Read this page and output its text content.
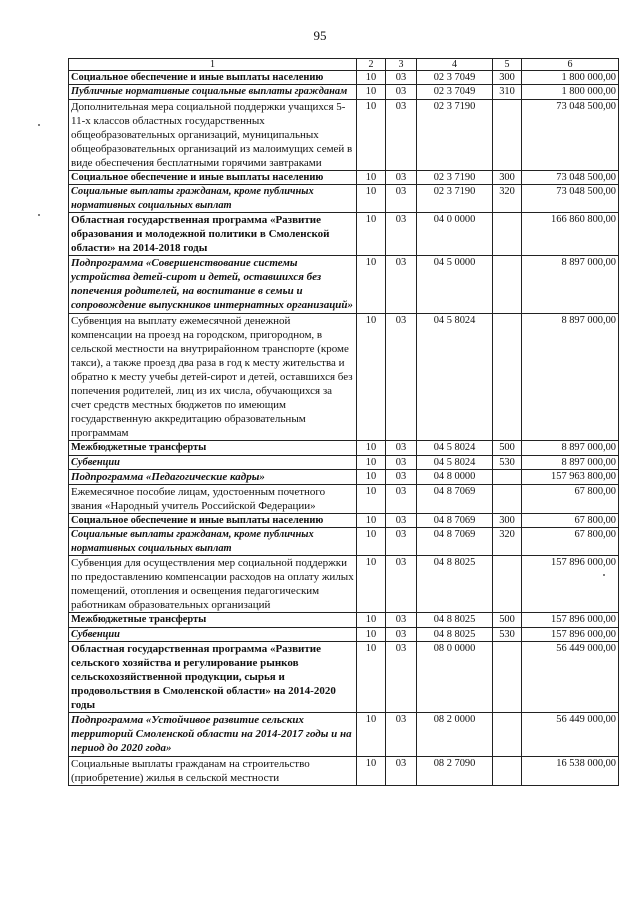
95
1	2	3	4	5	6
Социальное обеспечение и иные выплаты населению	10	03	02 3 7049	300	1 800 000,00
Публичные нормативные социальные выплаты гражданам	10	03	02 3 7049	310	1 800 000,00
Дополнительная мера социальной поддержки учащихся 5-11-х классов областных государственных общеобразовательных организаций, муниципальных общеобразовательных организаций из малоимущих семей в виде обеспечения бесплатными горячими завтраками	10	03	02 3 7190		73 048 500,00
Социальное обеспечение и иные выплаты населению	10	03	02 3 7190	300	73 048 500,00
Социальные выплаты гражданам, кроме публичных нормативных социальных выплат	10	03	02 3 7190	320	73 048 500,00
Областная государственная программа «Развитие образования и молодежной политики в Смоленской области» на 2014-2018 годы	10	03	04 0 0000		166 860 800,00
Подпрограмма «Совершенствование системы устройства детей-сирот и детей, оставшихся без попечения родителей, на воспитание в семьи и сопровождение выпускников интернатных организаций»	10	03	04 5 0000		8 897 000,00
Субвенция на выплату ежемесячной денежной компенсации на проезд на городском, пригородном, в сельской местности на внутрирайонном транспорте (кроме такси), а также проезд два раза в год к месту жительства и обратно к месту учебы детей-сирот и детей, оставшихся без попечения родителей, лиц из их числа, обучающихся за счет средств местных бюджетов по имеющим государственную аккредитацию образовательным программам	10	03	04 5 8024		8 897 000,00
Межбюджетные трансферты	10	03	04 5 8024	500	8 897 000,00
Субвенции	10	03	04 5 8024	530	8 897 000,00
Подпрограмма «Педагогические кадры»	10	03	04 8 0000		157 963 800,00
Ежемесячное пособие лицам, удостоенным почетного звания «Народный учитель Российской Федерации»	10	03	04 8 7069		67 800,00
Социальное обеспечение и иные выплаты населению	10	03	04 8 7069	300	67 800,00
Социальные выплаты гражданам, кроме публичных нормативных социальных выплат	10	03	04 8 7069	320	67 800,00
Субвенция для осуществления мер социальной поддержки по предоставлению компенсации расходов на оплату жилых помещений, отопления и освещения педагогическим работникам образовательных организаций	10	03	04 8 8025		157 896 000,00
Межбюджетные трансферты	10	03	04 8 8025	500	157 896 000,00
Субвенции	10	03	04 8 8025	530	157 896 000,00
Областная государственная программа «Развитие сельского хозяйства и регулирование рынков сельскохозяйственной продукции, сырья и продовольствия в Смоленской области» на 2014-2020 годы	10	03	08 0 0000		56 449 000,00
Подпрограмма «Устойчивое развитие сельских территорий Смоленской области на 2014-2017 годы и на период до 2020 года»	10	03	08 2 0000		56 449 000,00
Социальные выплаты гражданам на строительство (приобретение) жилья в сельской местности	10	03	08 2 7090		16 538 000,00
